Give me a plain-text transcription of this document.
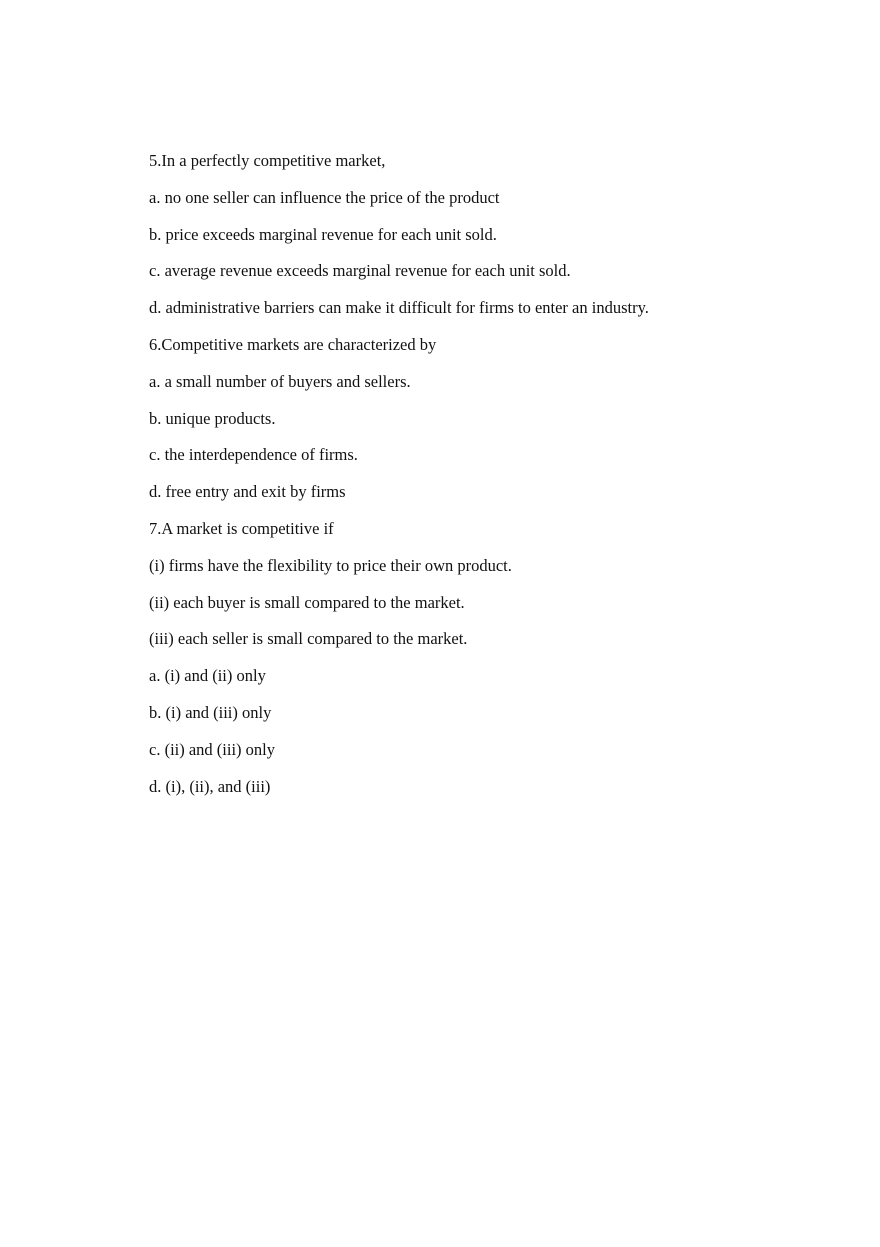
5.In a perfectly competitive market,
a. no one seller can influence the price of the product
b. price exceeds marginal revenue for each unit sold.
c. average revenue exceeds marginal revenue for each unit sold.
d. administrative barriers can make it difficult for firms to enter an industry.
6.Competitive markets are characterized by
a. a small number of buyers and sellers.
b. unique products.
c. the interdependence of firms.
d. free entry and exit by firms
7.A market is competitive if
(i) firms have the flexibility to price their own product.
(ii) each buyer is small compared to the market.
(iii) each seller is small compared to the market.
a. (i) and (ii) only
b. (i) and (iii) only
c. (ii) and (iii) only
d. (i), (ii), and (iii)
